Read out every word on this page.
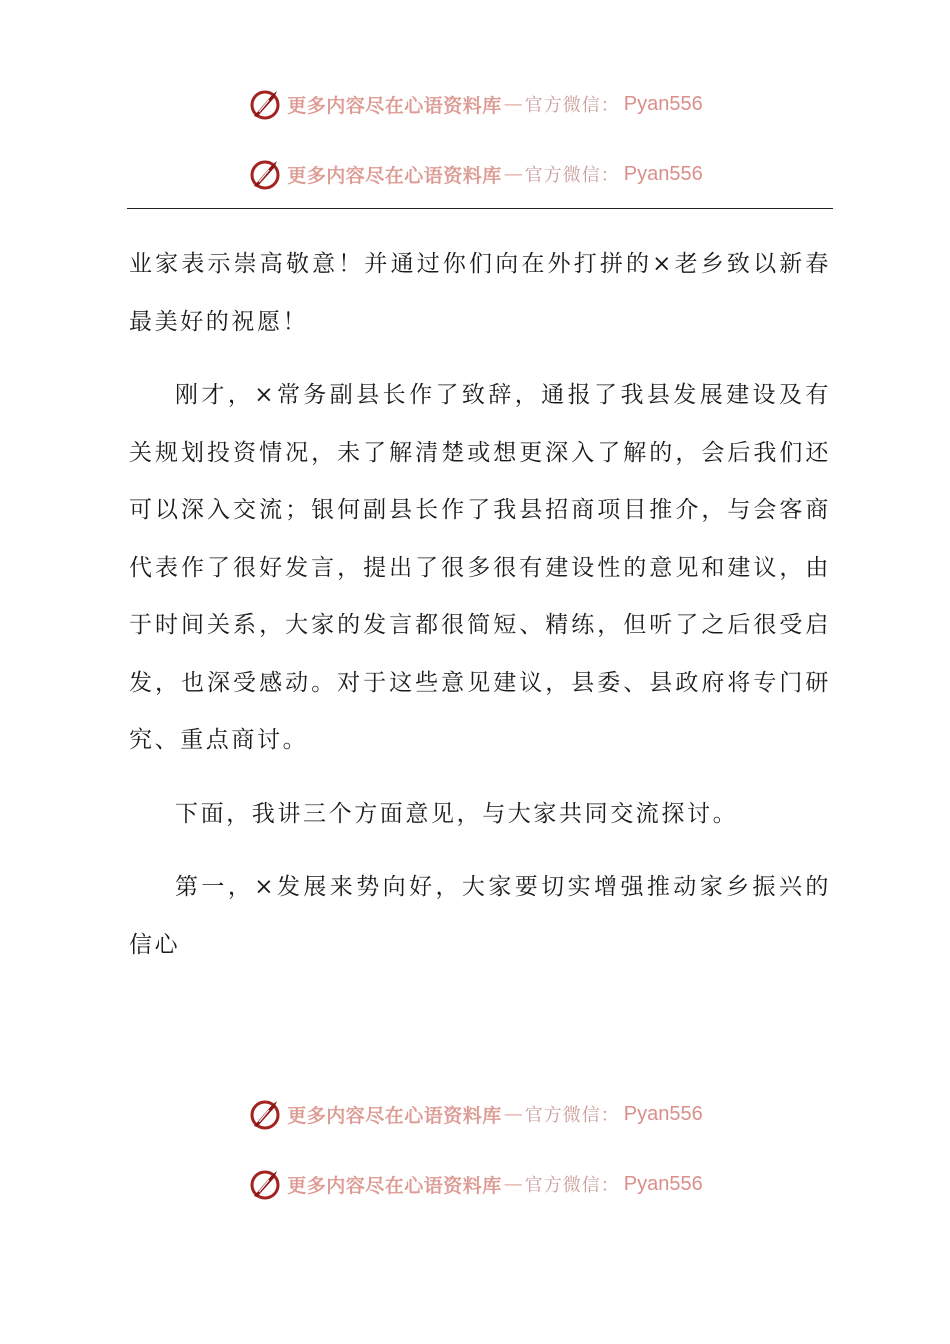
更多内容尽在心语资料库 — 官方微信： Pyan556
更多内容尽在心语资料库 — 官方微信： Pyan556

业家表示崇高敬意！并通过你们向在外打拼的×老乡致以新春最美好的祝愿！

刚才，×常务副县长作了致辞，通报了我县发展建设及有关规划投资情况，未了解清楚或想更深入了解的，会后我们还可以深入交流；银何副县长作了我县招商项目推介，与会客商代表作了很好发言，提出了很多很有建设性的意见和建议，由于时间关系，大家的发言都很简短、精练，但听了之后很受启发，也深受感动。对于这些意见建议，县委、县政府将专门研究、重点商讨。

下面，我讲三个方面意见，与大家共同交流探讨。

第一，×发展来势向好，大家要切实增强推动家乡振兴的信心

更多内容尽在心语资料库 — 官方微信： Pyan556
更多内容尽在心语资料库 — 官方微信： Pyan556
